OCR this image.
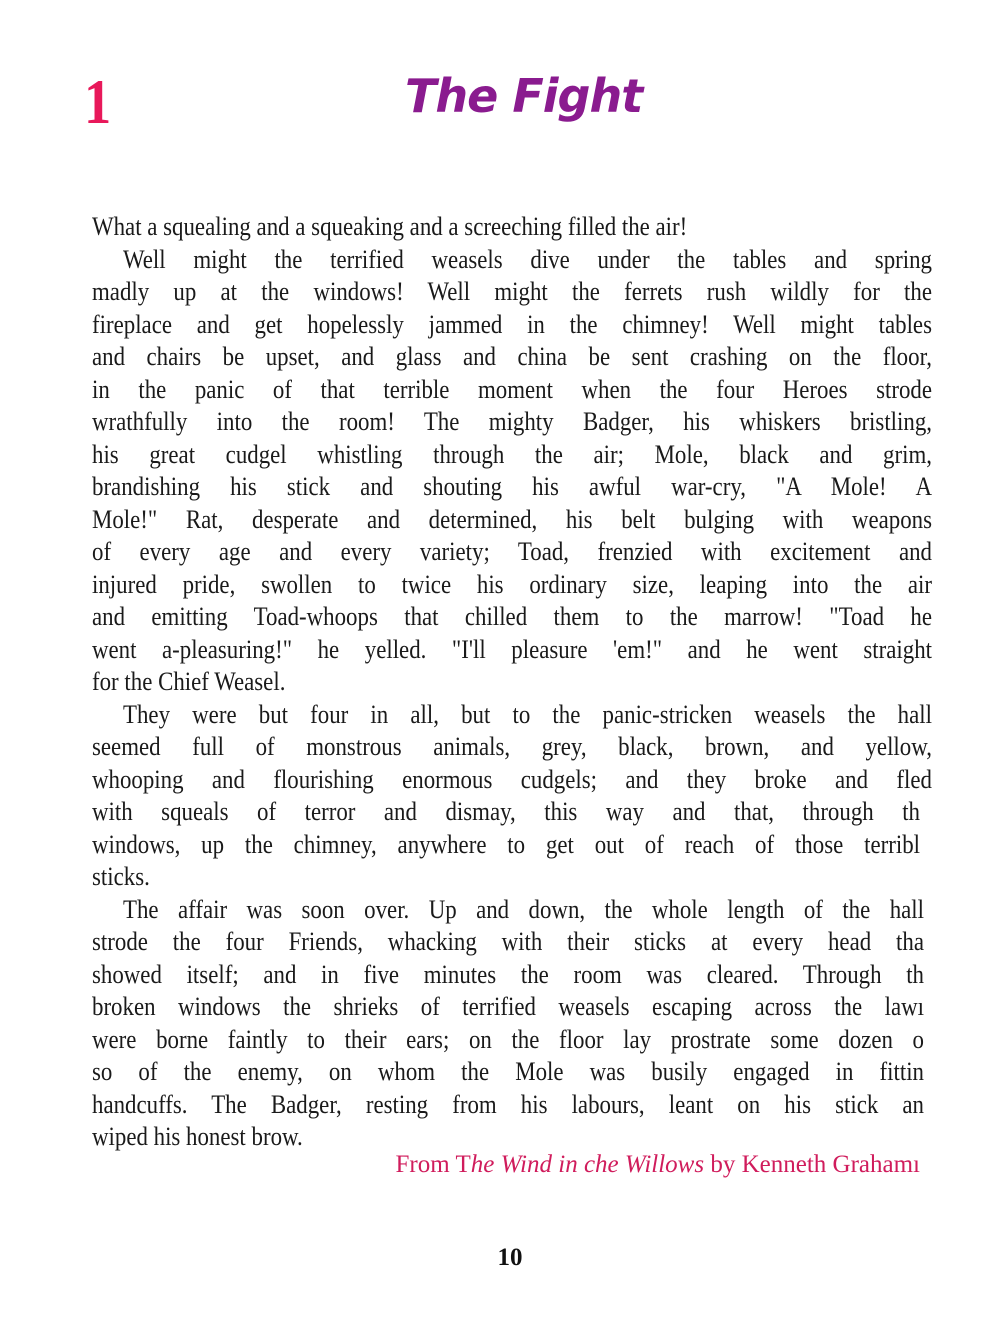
1	The Fight
What a squealing and a squeaking and a screeching filled the air!
Well might the terrified weasels dive under the tables and spring
madly up at the windows! Well might the ferrets rush wildly for the
fireplace and get hopelessly jammed in the chimney! Well might tables
and chairs be upset, and glass and china be sent crashing on the floor,
in the panic of that terrible moment when the four Heroes strode
wrathfully into the room! The mighty Badger, his whiskers bristling,
his great cudgel whistling through the air; Mole, black and grim,
brandishing his stick and shouting his awful war-cry, "A Mole! A
Mole!" Rat, desperate and determined, his belt bulging with weapons
of every age and every variety; Toad, frenzied with excitement and
injured pride, swollen to twice his ordinary size, leaping into the air
and emitting Toad-whoops that chilled them to the marrow! "Toad he
went a-pleasuring!" he yelled. "I'll pleasure 'em!" and he went straight
for the Chief Weasel.
They were but four in all, but to the panic-stricken weasels the hall
seemed full of monstrous animals, grey, black, brown, and yellow,
whooping and flourishing enormous cudgels; and they broke and fled
with squeals of terror and dismay, this way and that, through th
windows, up the chimney, anywhere to get out of reach of those terribl
sticks.
The affair was soon over. Up and down, the whole length of the hall
strode the four Friends, whacking with their sticks at every head tha
showed itself; and in five minutes the room was cleared. Through th
broken windows the shrieks of terrified weasels escaping across the lawı
were borne faintly to their ears; on the floor lay prostrate some dozen o
so of the enemy, on whom the Mole was busily engaged in fittin
handcuffs. The Badger, resting from his labours, leant on his stick an
wiped his honest brow.
From The Wind in che Willows by Kenneth Grahamı
10
